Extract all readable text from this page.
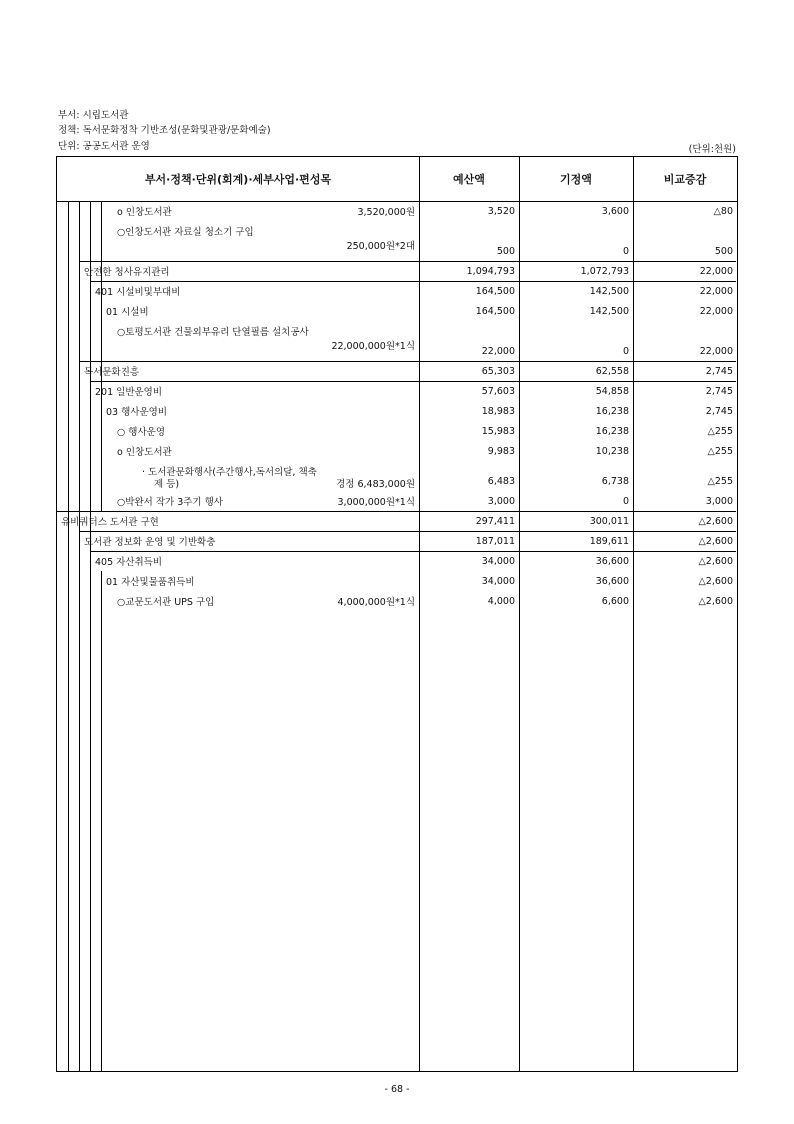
부서: 시립도서관
정책: 독서문화정착 기반조성(문화및관광/문화예술)
단위: 공공도서관 운영	(단위:천원)
부서·정책·단위(회계)·세부사업·편성목	예산액	기정액	비교증감
o 인창도서관	3,520,000원	3,520	3,600	△80
○인창도서관 자료실 청소기 구입
250,000원*2대	500	0	500
안전한 청사유지관리	1,094,793	1,072,793	22,000
401 시설비및부대비	164,500	142,500	22,000
01 시설비	164,500	142,500	22,000
○토평도서관 건물외부유리 단열필름 설치공사
22,000,000원*1식	22,000	0	22,000
독서문화진흥	65,303	62,558	2,745
201 일반운영비	57,603	54,858	2,745
03 행사운영비	18,983	16,238	2,745
○ 행사운영	15,983	16,238	△255
o 인창도서관	9,983	10,238	△255
· 도서관문화행사(주간행사,독서의달, 책축
경정 6,483,000원
제 등)	6,483	6,738	△255
○박완서 작가 3주기 행사	3,000,000원*1식	3,000	0	3,000
유비쿼터스 도서관 구현	297,411	300,011	△2,600
도서관 정보화 운영 및 기반확충	187,011	189,611	△2,600
405 자산취득비	34,000	36,600	△2,600
01 자산및물품취득비	34,000	36,600	△2,600
○교문도서관 UPS 구입	4,000,000원*1식	4,000	6,600	△2,600
- 68 -
